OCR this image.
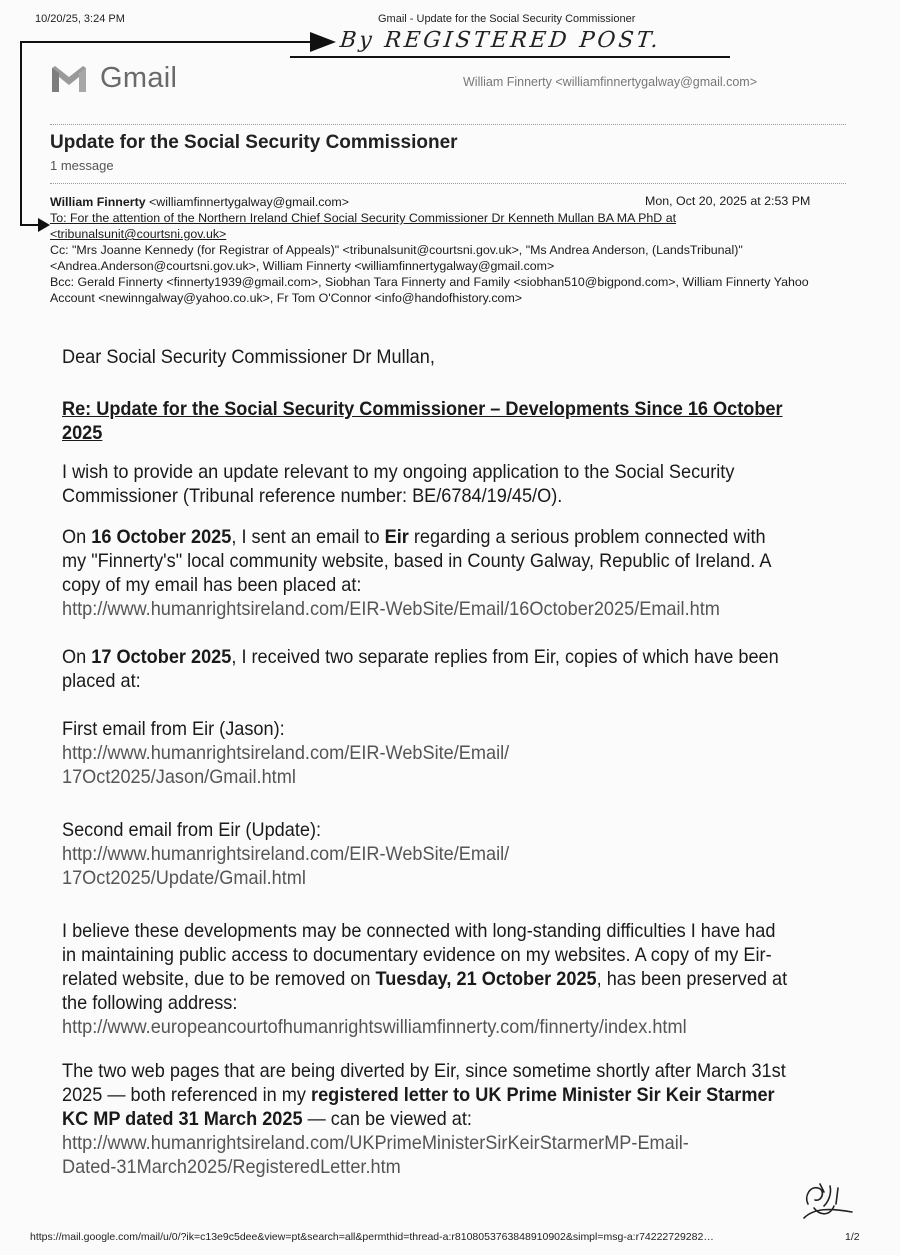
10/20/25, 3:24 PM	Gmail - Update for the Social Security Commissioner
By REGISTERED POST.
Gmail	William Finnerty <williamfinnertygalway@gmail.com>
Update for the Social Security Commissioner
1 message
William Finnerty <williamfinnertygalway@gmail.com>	Mon, Oct 20, 2025 at 2:53 PM
To: For the attention of the Northern Ireland Chief Social Security Commissioner Dr Kenneth Mullan BA MA PhD at
<tribunalsunit@courtsni.gov.uk>
Cc: "Mrs Joanne Kennedy (for Registrar of Appeals)" <tribunalsunit@courtsni.gov.uk>, "Ms Andrea Anderson, (LandsTribunal)" <Andrea.Anderson@courtsni.gov.uk>, William Finnerty <williamfinnertygalway@gmail.com>
Bcc: Gerald Finnerty <finnerty1939@gmail.com>, Siobhan Tara Finnerty and Family <siobhan510@bigpond.com>, William Finnerty Yahoo Account <newinngalway@yahoo.co.uk>, Fr Tom O'Connor <info@handofhistory.com>
Dear Social Security Commissioner Dr Mullan,
Re: Update for the Social Security Commissioner – Developments Since 16 October 2025
I wish to provide an update relevant to my ongoing application to the Social Security Commissioner (Tribunal reference number: BE/6784/19/45/O).
On 16 October 2025, I sent an email to Eir regarding a serious problem connected with my "Finnerty's" local community website, based in County Galway, Republic of Ireland. A copy of my email has been placed at:
http://www.humanrightsireland.com/EIR-WebSite/Email/16October2025/Email.htm
On 17 October 2025, I received two separate replies from Eir, copies of which have been placed at:
First email from Eir (Jason):
http://www.humanrightsireland.com/EIR-WebSite/Email/
17Oct2025/Jason/Gmail.html
Second email from Eir (Update):
http://www.humanrightsireland.com/EIR-WebSite/Email/
17Oct2025/Update/Gmail.html
I believe these developments may be connected with long-standing difficulties I have had in maintaining public access to documentary evidence on my websites. A copy of my Eir-related website, due to be removed on Tuesday, 21 October 2025, has been preserved at the following address:
http://www.europeancourtofhumanrightswilliamfinnerty.com/finnerty/index.html
The two web pages that are being diverted by Eir, since sometime shortly after March 31st 2025 — both referenced in my registered letter to UK Prime Minister Sir Keir Starmer KC MP dated 31 March 2025 — can be viewed at:
http://www.humanrightsireland.com/UKPrimeMinisterSirKeirStarmerMP-Email-
Dated-31March2025/RegisteredLetter.htm
https://mail.google.com/mail/u/0/?ik=c13e9c5dee&view=pt&search=all&permthid=thread-a:r8108053763848910902&simpl=msg-a:r74222729282…	1/2
